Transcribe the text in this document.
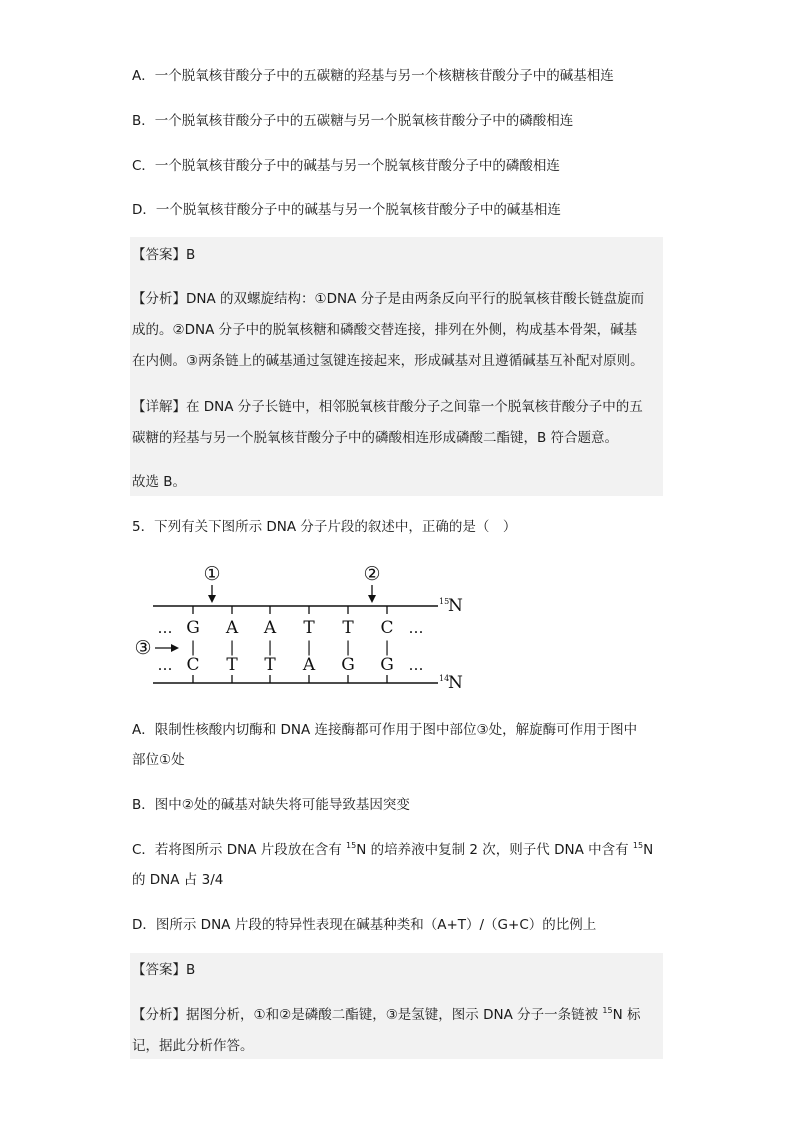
A．一个脱氧核苷酸分子中的五碳糖的羟基与另一个核糖核苷酸分子中的碱基相连
B．一个脱氧核苷酸分子中的五碳糖与另一个脱氧核苷酸分子中的磷酸相连
C．一个脱氧核苷酸分子中的碱基与另一个脱氧核苷酸分子中的磷酸相连
D．一个脱氧核苷酸分子中的碱基与另一个脱氧核苷酸分子中的碱基相连
【答案】B
【分析】DNA 的双螺旋结构：①DNA 分子是由两条反向平行的脱氧核苷酸长链盘旋而
成的。②DNA 分子中的脱氧核糖和磷酸交替连接，排列在外侧，构成基本骨架，碱基
在内侧。③两条链上的碱基通过氢键连接起来，形成碱基对且遵循碱基互补配对原则。
【详解】在 DNA 分子长链中，相邻脱氧核苷酸分子之间靠一个脱氧核苷酸分子中的五
碳糖的羟基与另一个脱氧核苷酸分子中的磷酸相连形成磷酸二酯键，B 符合题意。
故选 B。
5．下列有关下图所示 DNA 分子片段的叙述中，正确的是（　）
… G A A T T C …
| | | | | |
… C T T A G G …
①	②
③
15
N
14
N
A．限制性核酸内切酶和 DNA 连接酶都可作用于图中部位③处，解旋酶可作用于图中
部位①处
B．图中②处的碱基对缺失将可能导致基因突变
C．若将图所示 DNA 片段放在含有 $^{15}$N 的培养液中复制 2 次，则子代 DNA 中含有 $^{15}$N
的 DNA 占 3/4
D．图所示 DNA 片段的特异性表现在碱基种类和（A+T）/（G+C）的比例上
【答案】B
【分析】据图分析，①和②是磷酸二酯键，③是氢键，图示 DNA 分子一条链被 $^{15}$N 标
记，据此分析作答。
